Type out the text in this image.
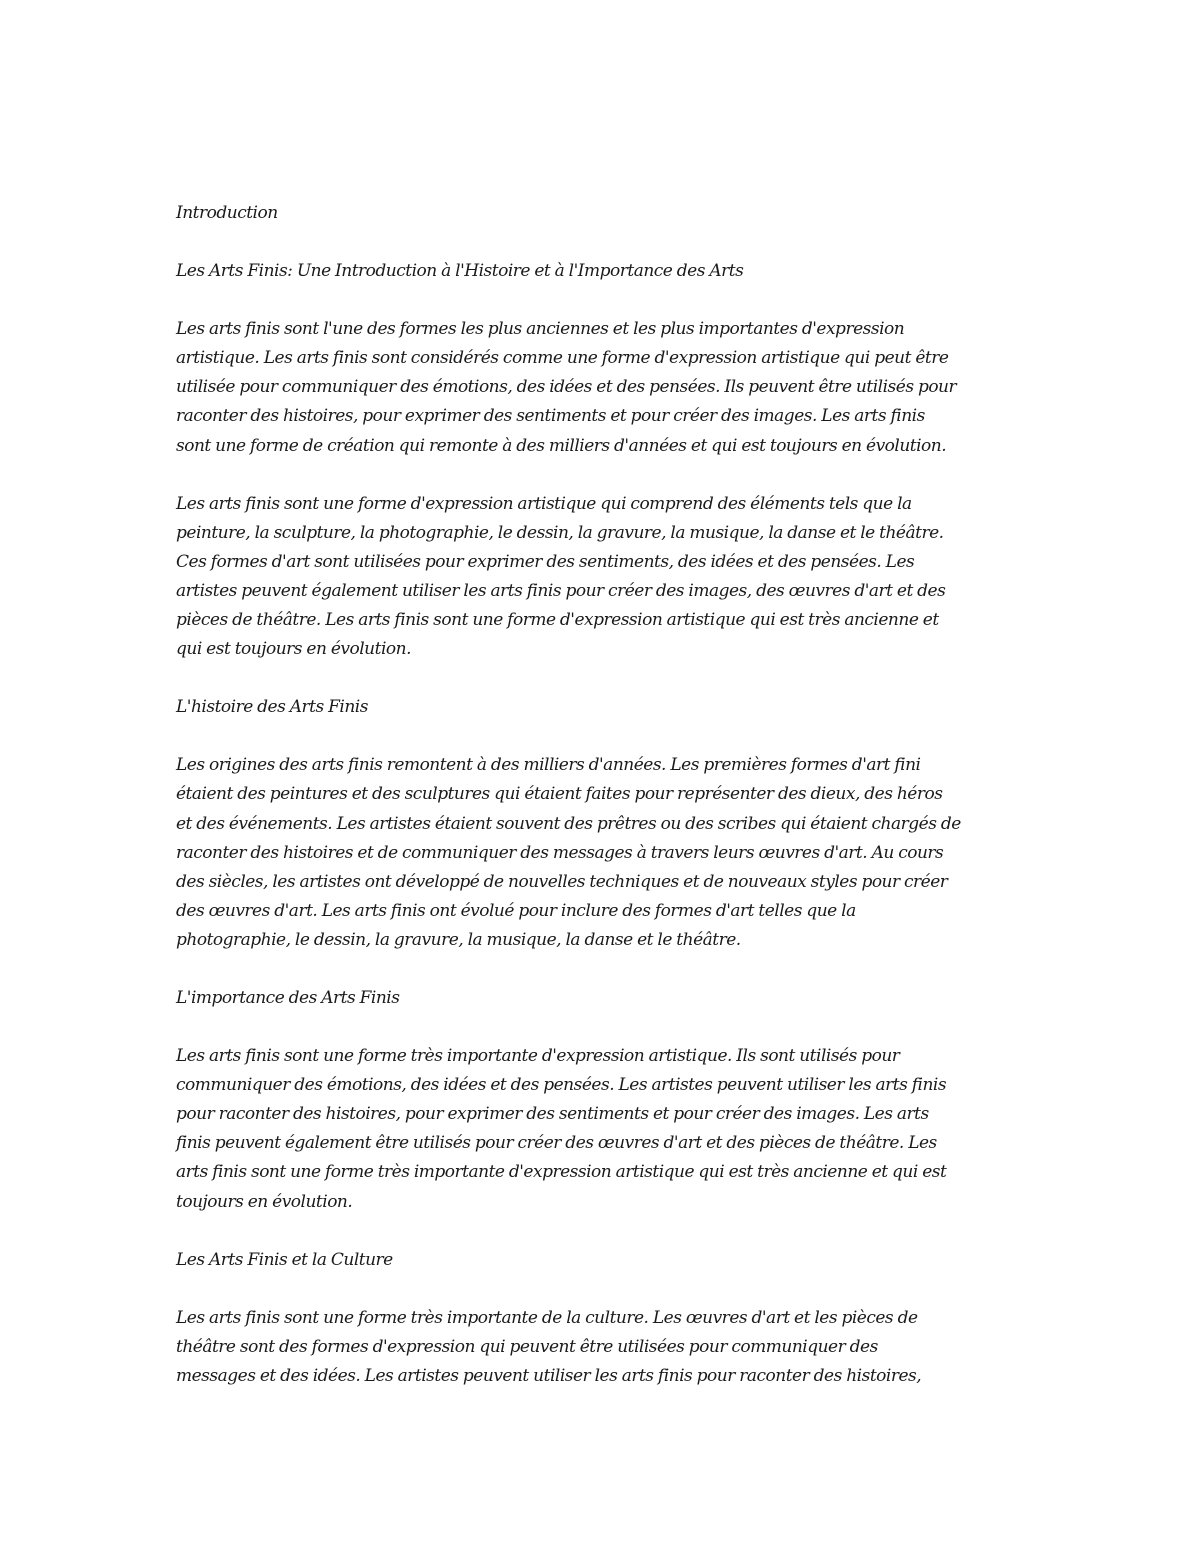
Introduction

Les Arts Finis: Une Introduction à l'Histoire et à l'Importance des Arts

Les arts finis sont l'une des formes les plus anciennes et les plus importantes d'expression
artistique. Les arts finis sont considérés comme une forme d'expression artistique qui peut être
utilisée pour communiquer des émotions, des idées et des pensées. Ils peuvent être utilisés pour
raconter des histoires, pour exprimer des sentiments et pour créer des images. Les arts finis
sont une forme de création qui remonte à des milliers d'années et qui est toujours en évolution.

Les arts finis sont une forme d'expression artistique qui comprend des éléments tels que la
peinture, la sculpture, la photographie, le dessin, la gravure, la musique, la danse et le théâtre.
Ces formes d'art sont utilisées pour exprimer des sentiments, des idées et des pensées. Les
artistes peuvent également utiliser les arts finis pour créer des images, des œuvres d'art et des
pièces de théâtre. Les arts finis sont une forme d'expression artistique qui est très ancienne et
qui est toujours en évolution.

L'histoire des Arts Finis

Les origines des arts finis remontent à des milliers d'années. Les premières formes d'art fini
étaient des peintures et des sculptures qui étaient faites pour représenter des dieux, des héros
et des événements. Les artistes étaient souvent des prêtres ou des scribes qui étaient chargés de
raconter des histoires et de communiquer des messages à travers leurs œuvres d'art. Au cours
des siècles, les artistes ont développé de nouvelles techniques et de nouveaux styles pour créer
des œuvres d'art. Les arts finis ont évolué pour inclure des formes d'art telles que la
photographie, le dessin, la gravure, la musique, la danse et le théâtre.

L'importance des Arts Finis

Les arts finis sont une forme très importante d'expression artistique. Ils sont utilisés pour
communiquer des émotions, des idées et des pensées. Les artistes peuvent utiliser les arts finis
pour raconter des histoires, pour exprimer des sentiments et pour créer des images. Les arts
finis peuvent également être utilisés pour créer des œuvres d'art et des pièces de théâtre. Les
arts finis sont une forme très importante d'expression artistique qui est très ancienne et qui est
toujours en évolution.

Les Arts Finis et la Culture

Les arts finis sont une forme très importante de la culture. Les œuvres d'art et les pièces de
théâtre sont des formes d'expression qui peuvent être utilisées pour communiquer des
messages et des idées. Les artistes peuvent utiliser les arts finis pour raconter des histoires,
